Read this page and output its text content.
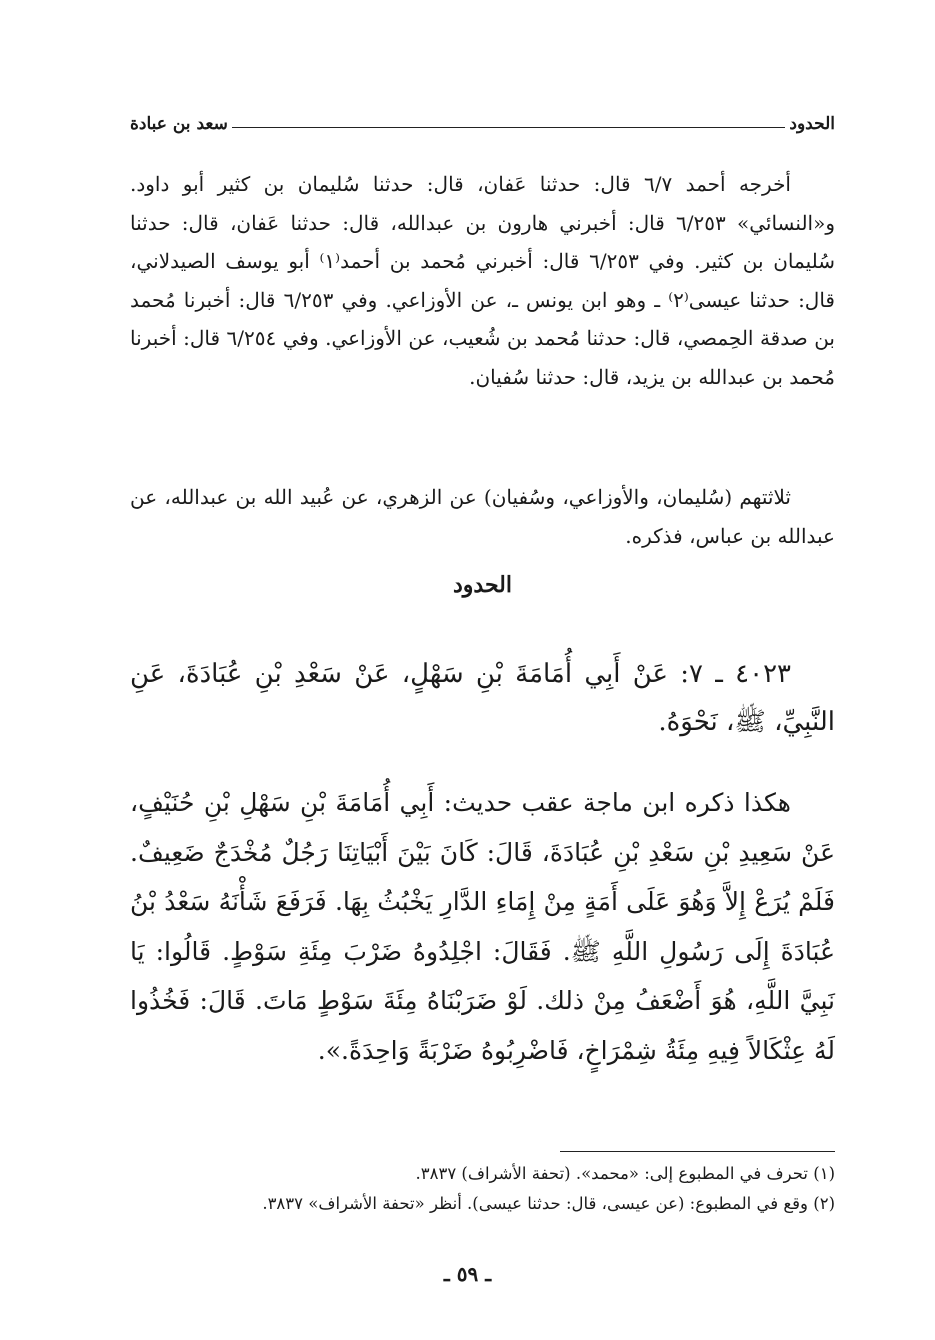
الحدود
سعد بن عبادة

أخرجه أحمد ٦/٧ قال: حدثنا عَفان، قال: حدثنا سُليمان بن كثير أبو داود. و«النسائي» ٦/٢٥٣ قال: أخبرني هارون بن عبدالله، قال: حدثنا عَفان، قال: حدثنا سُليمان بن كثير. وفي ٦/٢٥٣ قال: أخبرني مُحمد بن أحمد⁽١⁾ أبو يوسف الصيدلاني، قال: حدثنا عيسى⁽٢⁾ ـ وهو ابن يونس ـ، عن الأوزاعي. وفي ٦/٢٥٣ قال: أخبرنا مُحمد بن صدقة الحِمصي، قال: حدثنا مُحمد بن شُعيب، عن الأوزاعي. وفي ٦/٢٥٤ قال: أخبرنا مُحمد بن عبدالله بن يزيد، قال: حدثنا سُفيان.

ثلاثتهم (سُليمان، والأوزاعي، وسُفيان) عن الزهري، عن عُبيد الله بن عبدالله، عن عبدالله بن عباس، فذكره.

الحدود

٤٠٢٣ ـ ٧: عَنْ أَبِي أُمَامَةَ بْنِ سَهْلٍ، عَنْ سَعْدِ بْنِ عُبَادَةَ، عَنِ النَّبِيِّ، ﷺ، نَحْوَهُ.

هكذا ذكره ابن ماجة عقب حديث: أَبِي أُمَامَةَ بْنِ سَهْلِ بْنِ حُنَيْفٍ، عَنْ سَعِيدِ بْنِ سَعْدِ بْنِ عُبَادَةَ، قَالَ: كَانَ بَيْنَ أَبْيَاتِنَا رَجُلٌ مُخْدَجٌ ضَعِيفٌ. فَلَمْ يُرَعْ إِلاَّ وَهُوَ عَلَى أَمَةٍ مِنْ إِمَاءِ الدَّارِ يَخْبُثُ بِهَا. فَرَفَعَ شَأْنَهُ سَعْدُ بْنُ عُبَادَةَ إِلَى رَسُولِ اللَّهِ ﷺ. فَقَالَ: اجْلِدُوهُ ضَرْبَ مِئَةِ سَوْطٍ. قَالُوا: يَا نَبِيَّ اللَّهِ، هُوَ أَضْعَفُ مِنْ ذلك. لَوْ ضَرَبْنَاهُ مِئَةَ سَوْطٍ مَاتَ. قَالَ: فَخُذُوا لَهُ عِثْكَالاً فِيهِ مِئَةُ شِمْرَاخٍ، فَاضْرِبُوهُ ضَرْبَةً وَاحِدَةً.».

(١) تحرف في المطبوع إلى: «محمد». (تحفة الأشراف) ٣٨٣٧.

(٢) وقع في المطبوع: (عن عيسى، قال: حدثنا عيسى). أنظر «تحفة الأشراف» ٣٨٣٧.

ـ ٥٩ ـ
